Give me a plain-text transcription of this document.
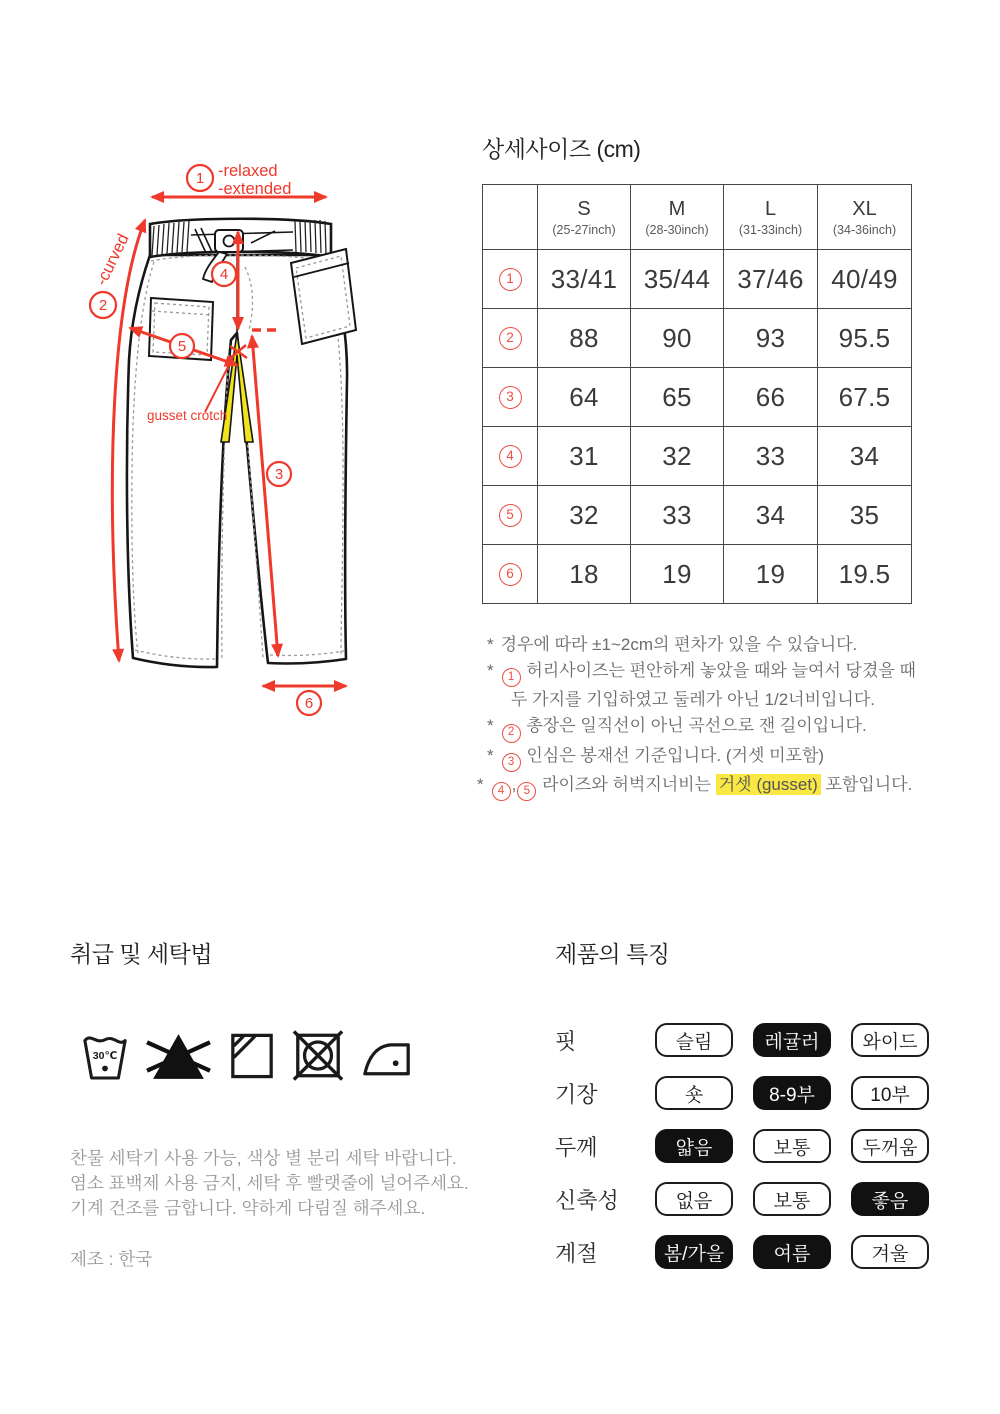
1
2
3
4
5
6
-relaxed
-extended
-curved
gusset crotch
상세사이즈 (cm)

S
(25-27inch)

M
(28-30inch)

L
(31-33inch)

XL
(34-36inch)

1	33/41	35/44	37/46	40/49
2	88	90	93	95.5
3	64	65	66	67.5
4	31	32	33	34
5	32	33	34	35
6	18	19	19	19.5
* 경우에 따라 ±1~2cm의 편차가 있을 수 있습니다.
* 1 허리사이즈는 편안하게 놓았을 때와 늘여서 당겼을 때
두 가지를 기입하였고 둘레가 아닌 1/2너비입니다.
* 2 총장은 일직선이 아닌 곡선으로 잰 길이입니다.
* 3 인심은 봉재선 기준입니다. (거셋 미포함)
* 4 , 5 라이즈와 허벅지너비는 거셋 (gusset) 포함입니다.
취급 및 세탁법
30℃
찬물 세탁기 사용 가능, 색상 별 분리 세탁 바랍니다.
염소 표백제 사용 금지, 세탁 후 빨랫줄에 널어주세요.
기계 건조를 금합니다. 약하게 다림질 해주세요.
제조 : 한국
제품의 특징
핏	슬림	레귤러	와이드
기장	숏	8-9부	10부
두께	얇음	보통	두꺼움
신축성	없음	보통	좋음
계절	봄/가을	여름	겨울
